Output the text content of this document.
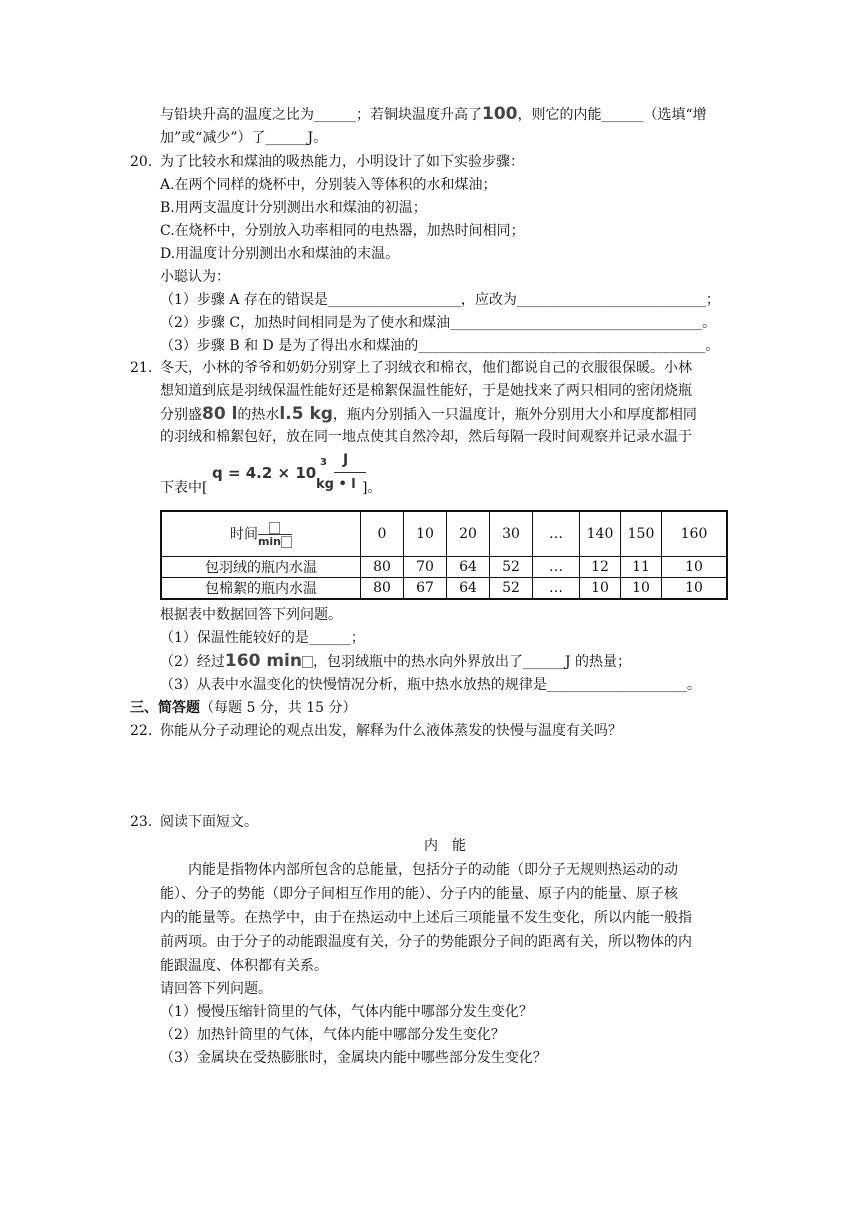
与铅块升高的温度之比为______；若铜块温度升高了100，则它的内能______（选填“增
加”或“减少”）了______J。
20. 为了比较水和煤油的吸热能力，小明设计了如下实验步骤：
A.在两个同样的烧杯中，分别装入等体积的水和煤油；
B.用两支温度计分别测出水和煤油的初温；
C.在烧杯中，分别放入功率相同的电热器，加热时间相同；
D.用温度计分别测出水和煤油的末温。
小聪认为：
（1）步骤 A 存在的错误是___________________，应改为___________________________；
（2）步骤 C，加热时间相同是为了使水和煤油____________________________________。
（3）步骤 B 和 D 是为了得出水和煤油的_________________________________________。
21. 冬天，小林的爷爷和奶奶分别穿上了羽绒衣和棉衣，他们都说自己的衣服很保暖。小林
想知道到底是羽绒保温性能好还是棉絮保温性能好，于是她找来了两只相同的密闭烧瓶
分别盛80 l的热水l.5 kg，瓶内分别插入一只温度计，瓶外分别用大小和厚度都相同
的羽绒和棉絮包好，放在同一地点使其自然冷却，然后每隔一段时间观察并记录水温于
下表中[
q = 4.2 × 10
3 J
kg • l ]。
时间 min	0	10	20	30	…	140	150	160
包羽绒的瓶内水温	80	70	64	52	…	12	11	10
包棉絮的瓶内水温	80	67	64	52	…	10	10	10
根据表中数据回答下列问题。
（1）保温性能较好的是______；
（2）经过160 min ，包羽绒瓶中的热水向外界放出了______J 的热量；
（3）从表中水温变化的快慢情况分析，瓶中热水放热的规律是____________________。
三、简答题（每题 5 分，共 15 分）
22. 你能从分子动理论的观点出发，解释为什么液体蒸发的快慢与温度有关吗？
23. 阅读下面短文。
内　能
内能是指物体内部所包含的总能量，包括分子的动能（即分子无规则热运动的动
能）、分子的势能（即分子间相互作用的能）、分子内的能量、原子内的能量、原子核
内的能量等。在热学中，由于在热运动中上述后三项能量不发生变化，所以内能一般指
前两项。由于分子的动能跟温度有关，分子的势能跟分子间的距离有关，所以物体的内
能跟温度、体积都有关系。
请回答下列问题。
（1）慢慢压缩针筒里的气体，气体内能中哪部分发生变化？
（2）加热针筒里的气体，气体内能中哪部分发生变化？
（3）金属块在受热膨胀时，金属块内能中哪些部分发生变化？
